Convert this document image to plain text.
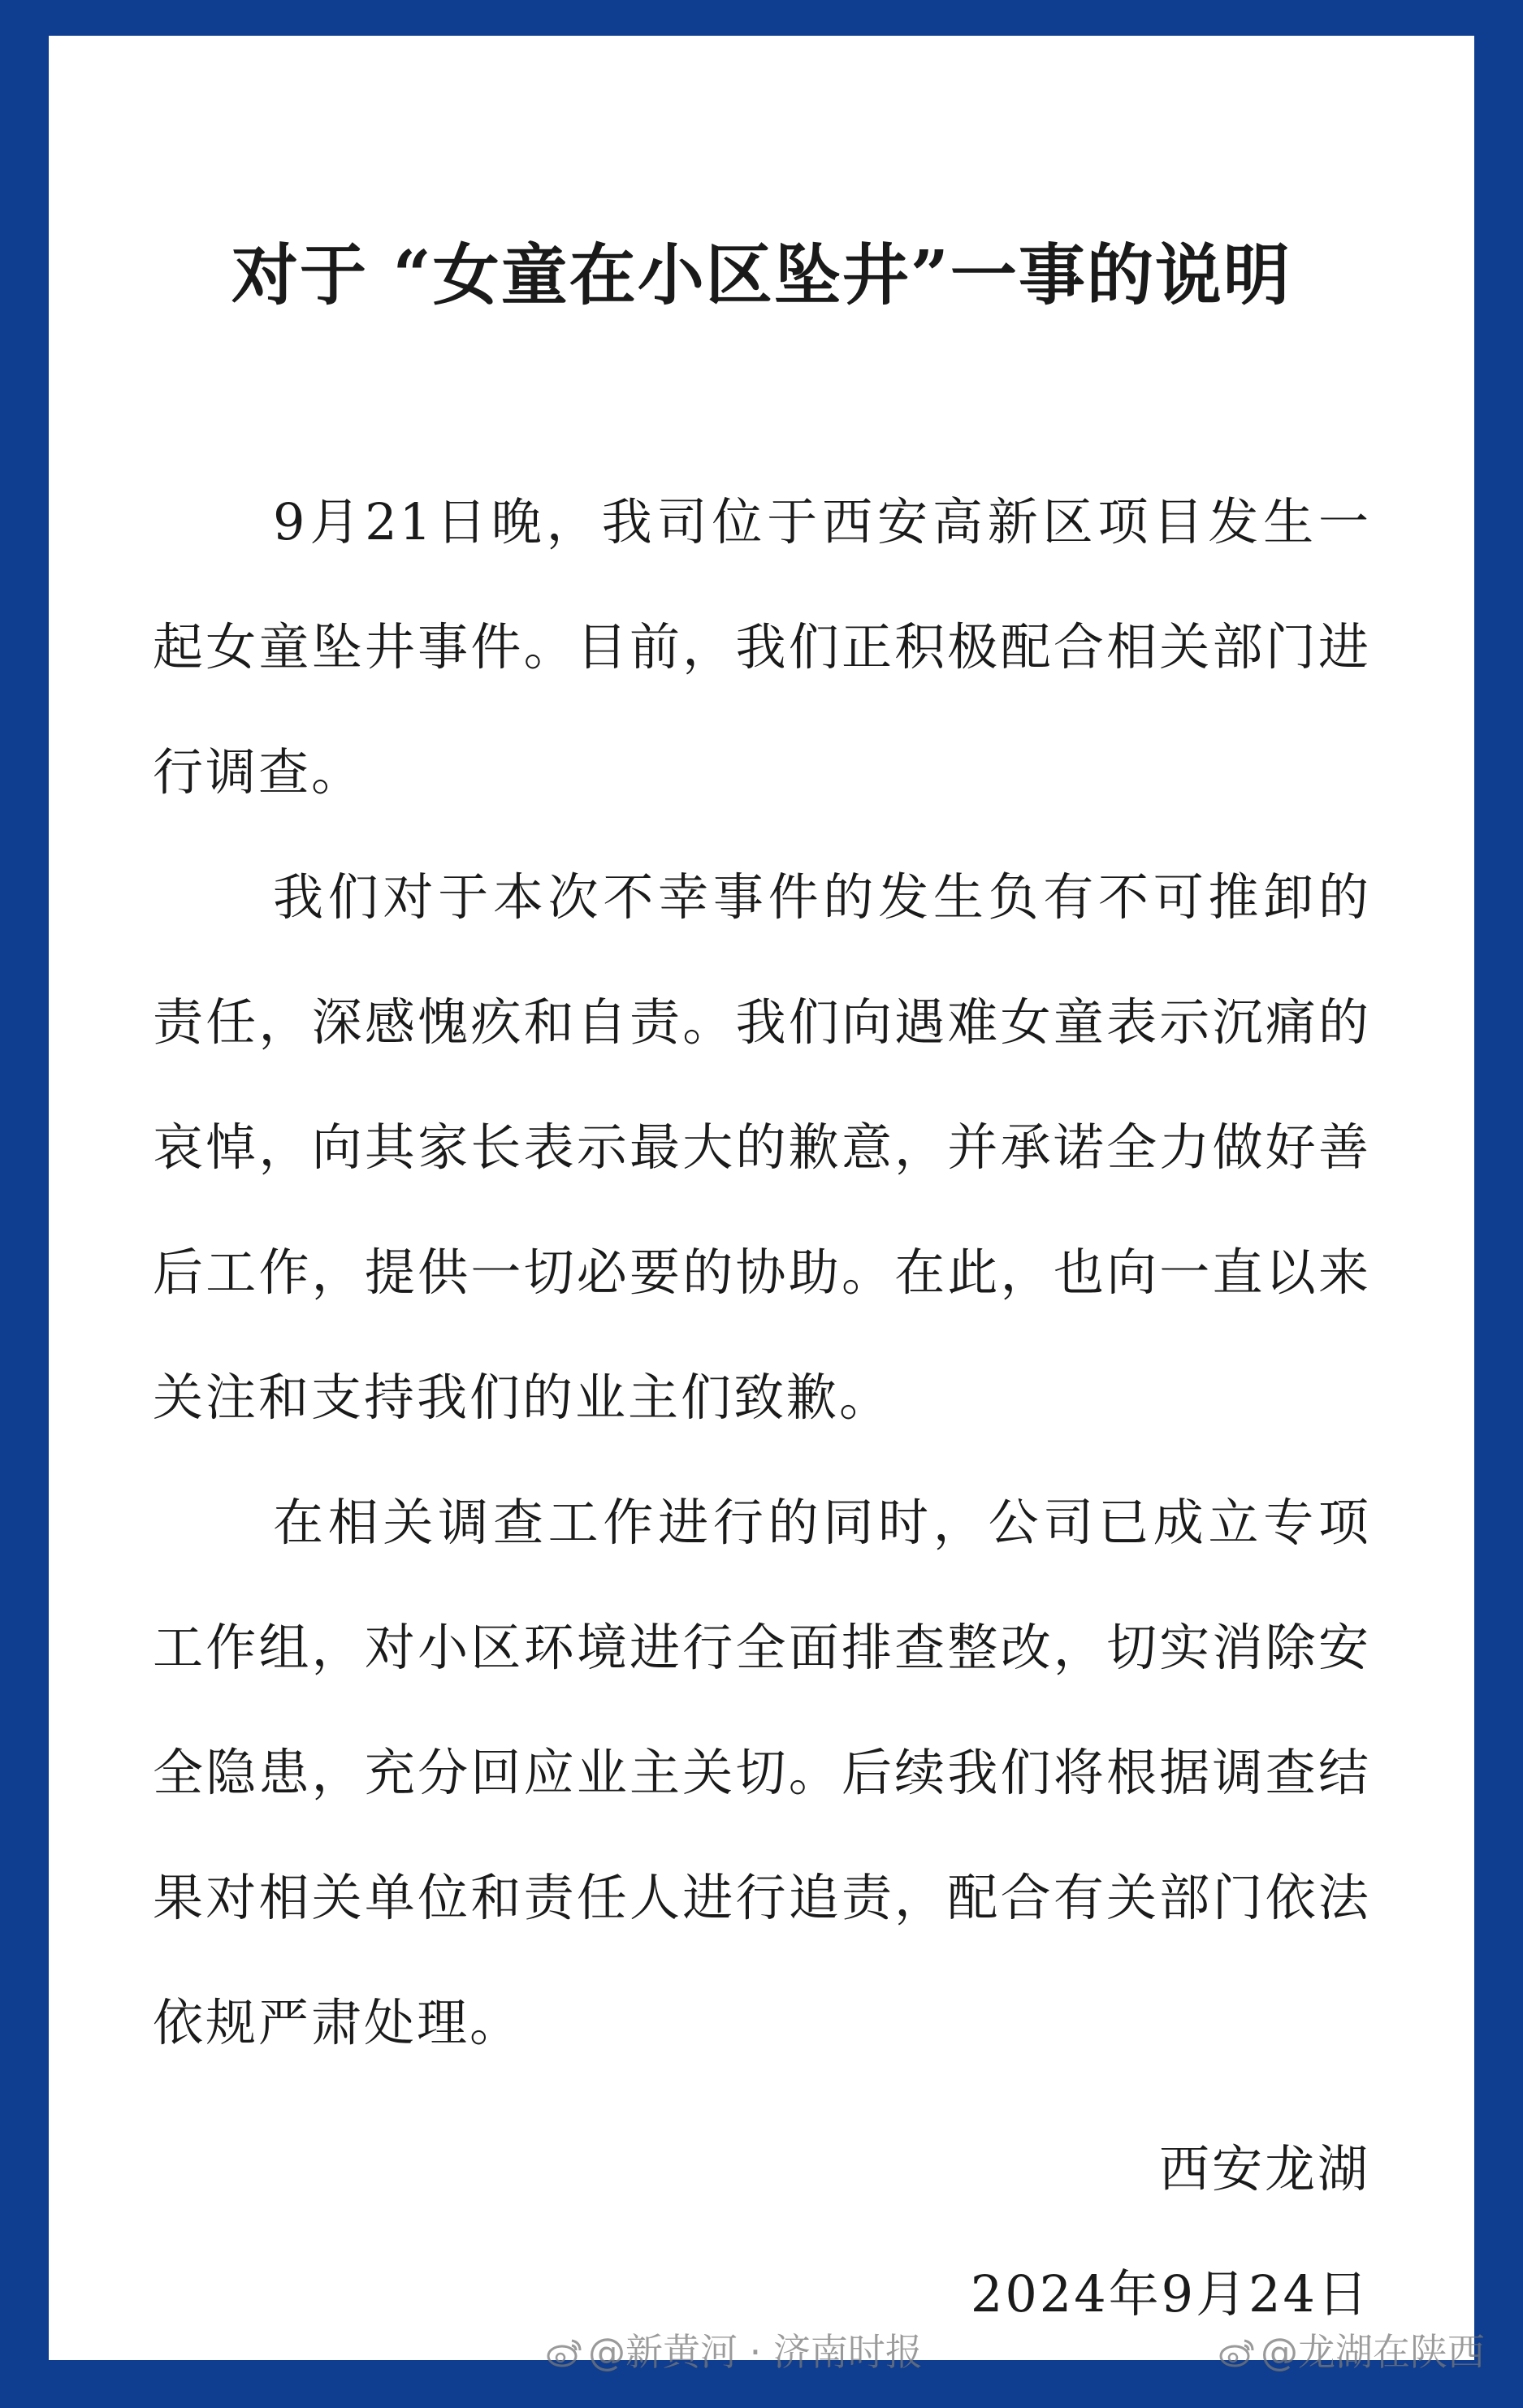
对于 “女童在小区坠井”一事的说明

9月21日晚，我司位于西安高新区项目发生一起女童坠井事件。目前，我们正积极配合相关部门进行调查。

我们对于本次不幸事件的发生负有不可推卸的责任，深感愧疚和自责。我们向遇难女童表示沉痛的哀悼，向其家长表示最大的歉意，并承诺全力做好善后工作，提供一切必要的协助。在此，也向一直以来关注和支持我们的业主们致歉。

在相关调查工作进行的同时，公司已成立专项工作组，对小区环境进行全面排查整改，切实消除安全隐患，充分回应业主关切。后续我们将根据调查结果对相关单位和责任人进行追责，配合有关部门依法依规严肃处理。

西安龙湖
2024年9月24日
@新黄河 · 济南时报	@龙湖在陕西
